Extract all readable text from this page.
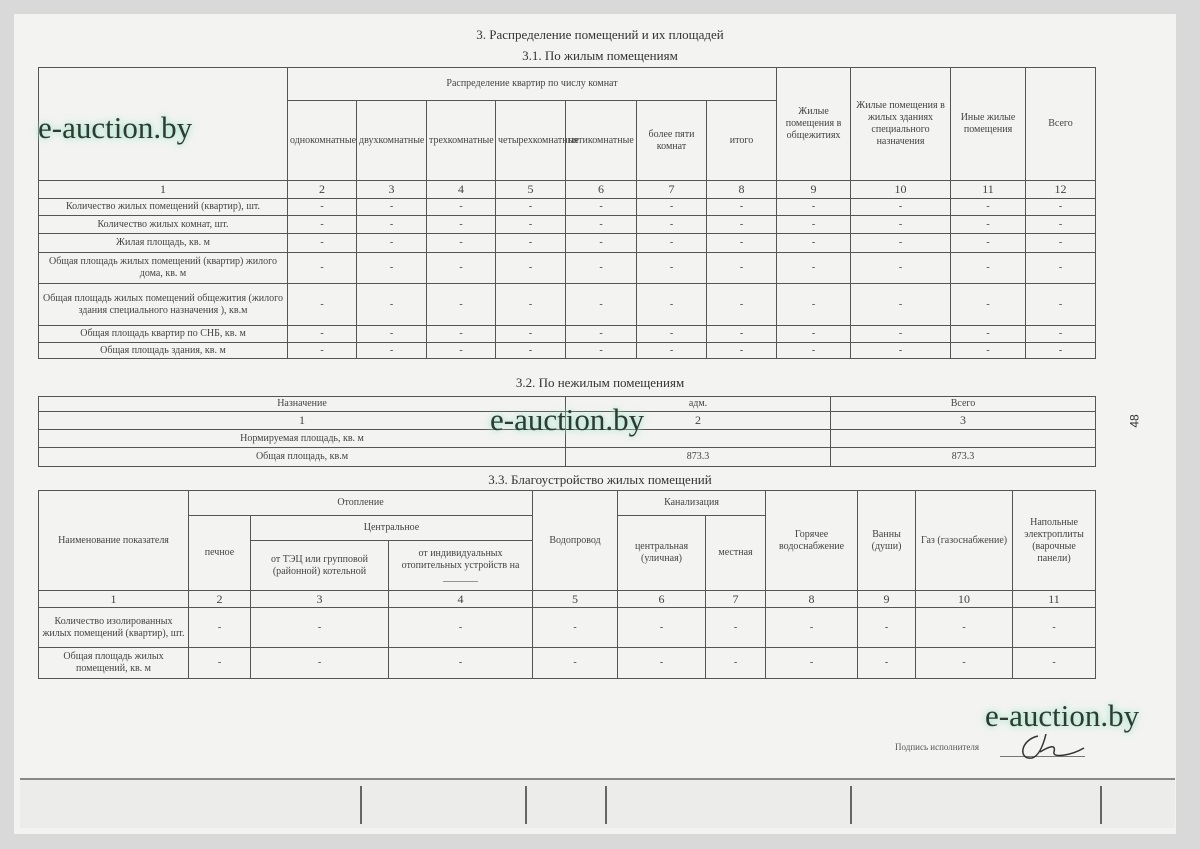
3. Распределение помещений и их площадей
3.1. По жилым помещениям
	Распределение квартир по числу комнат							Жилые помещения в общежитиях	Жилые помещения в жилых зданиях специального назначения	Иные жилые помещения	Всего
	однокомнатные	двухкомнатные	трехкомнатные	четырехкомнатные	пятикомнатные	более пяти комнат	итого				
1	2	3	4	5	6	7	8	9	10	11	12
Количество жилых помещений (квартир), шт.	-	-	-	-	-	-	-	-	-	-	-
Количество жилых комнат, шт.	-	-	-	-	-	-	-	-	-	-	-
Жилая площадь, кв. м	-	-	-	-	-	-	-	-	-	-	-
Общая площадь жилых помещений (квартир) жилого дома, кв. м	-	-	-	-	-	-	-	-	-	-	-
Общая площадь жилых помещений общежития (жилого здания специального назначения ), кв.м	-	-	-	-	-	-	-	-	-	-	-
Общая площадь квартир по СНБ, кв. м	-	-	-	-	-	-	-	-	-	-	-
Общая площадь здания, кв. м	-	-	-	-	-	-	-	-	-	-	-
3.2. По нежилым помещениям
Назначение	адм.	Всего
1	2	3
Нормируемая площадь, кв. м		
Общая площадь, кв.м	873.3	873.3
3.3. Благоустройство жилых помещений
Наименование показателя	Отопление			Водопровод	Канализация		Горячее водоснабжение	Ванны (души)	Газ (газоснабжение)	Напольные электроплиты (варочные панели)
	печное	Центральное			центральная (уличная)	местная				
		от ТЭЦ или групповой (районной) котельной	от индивидуальных отопительных устройств на _______							
1	2	3	4	5	6	7	8	9	10	11
Количество изолированных жилых помещений (квартир), шт.	-	-	-	-	-	-	-	-	-	-
Общая площадь жилых помещений, кв. м	-	-	-	-	-	-	-	-	-	-
e-auction.by
e-auction.by
e-auction.by
48
Подпись исполнителя
